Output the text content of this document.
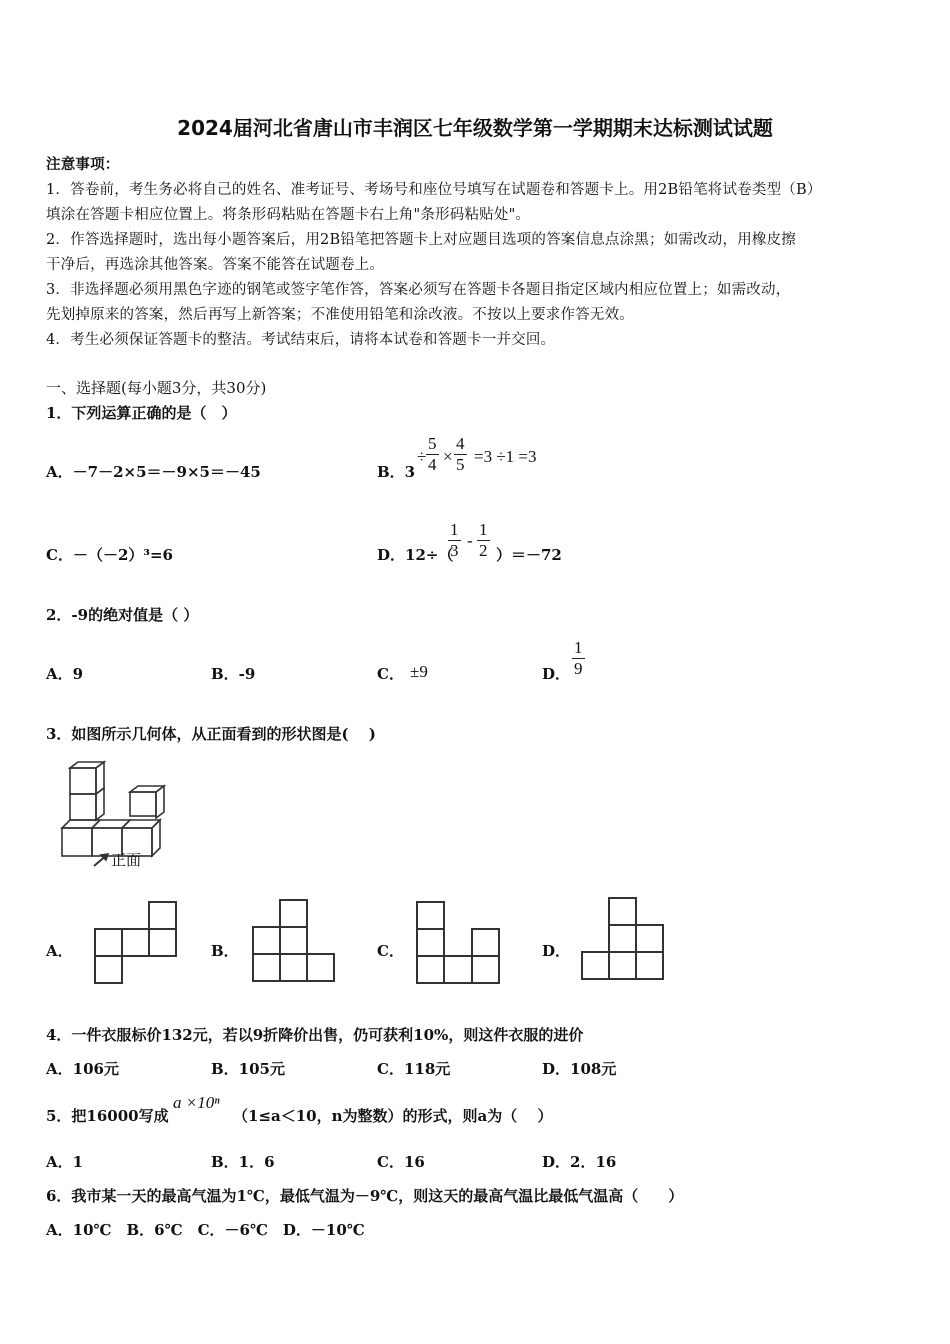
2024届河北省唐山市丰润区七年级数学第一学期期末达标测试试题
注意事项：
1．答卷前，考生务必将自己的姓名、准考证号、考场号和座位号填写在试题卷和答题卡上。用2B铅笔将试卷类型（B）
填涂在答题卡相应位置上。将条形码粘贴在答题卡右上角"条形码粘贴处"。
2．作答选择题时，选出每小题答案后，用2B铅笔把答题卡上对应题目选项的答案信息点涂黑；如需改动，用橡皮擦
干净后，再选涂其他答案。答案不能答在试题卷上。
3．非选择题必须用黑色字迹的钢笔或签字笔作答，答案必须写在答题卡各题目指定区域内相应位置上；如需改动，
先划掉原来的答案，然后再写上新答案；不准使用铅笔和涂改液。不按以上要求作答无效。
4．考生必须保证答题卡的整洁。考试结束后，请将本试卷和答题卡一并交回。
一、选择题(每小题3分，共30分)
1．下列运算正确的是（　）
A．－7－2×5＝－9×5＝－45	B．3
÷ $\frac{5}{4} \times \frac{4}{5} =3 \div 1 =3$
C．－（－2）³=6	D．12÷（
$\frac{1}{3} - \frac{1}{2} )=-72$
2．-9的绝对值是（ ）
A．9	B．-9	C． ±9	D． $\frac{1}{9}$
3．如图所示几何体，从正面看到的形状图是(　 )
正面
A．	B．	C．	D．
4．一件衣服标价132元，若以9折降价出售，仍可获利10%，则这件衣服的进价
A．106元	B．105元	C．118元	D．108元
5．把16000写成
a ×10ⁿ
（1≤a＜10，n为整数）的形式，则a为（　 ）
A．1	B．1．6	C．16	D．2．16
6．我市某一天的最高气温为1℃，最低气温为－9℃，则这天的最高气温比最低气温高（　　）
A．10℃　B．6℃　C．－6℃　D．－10℃
